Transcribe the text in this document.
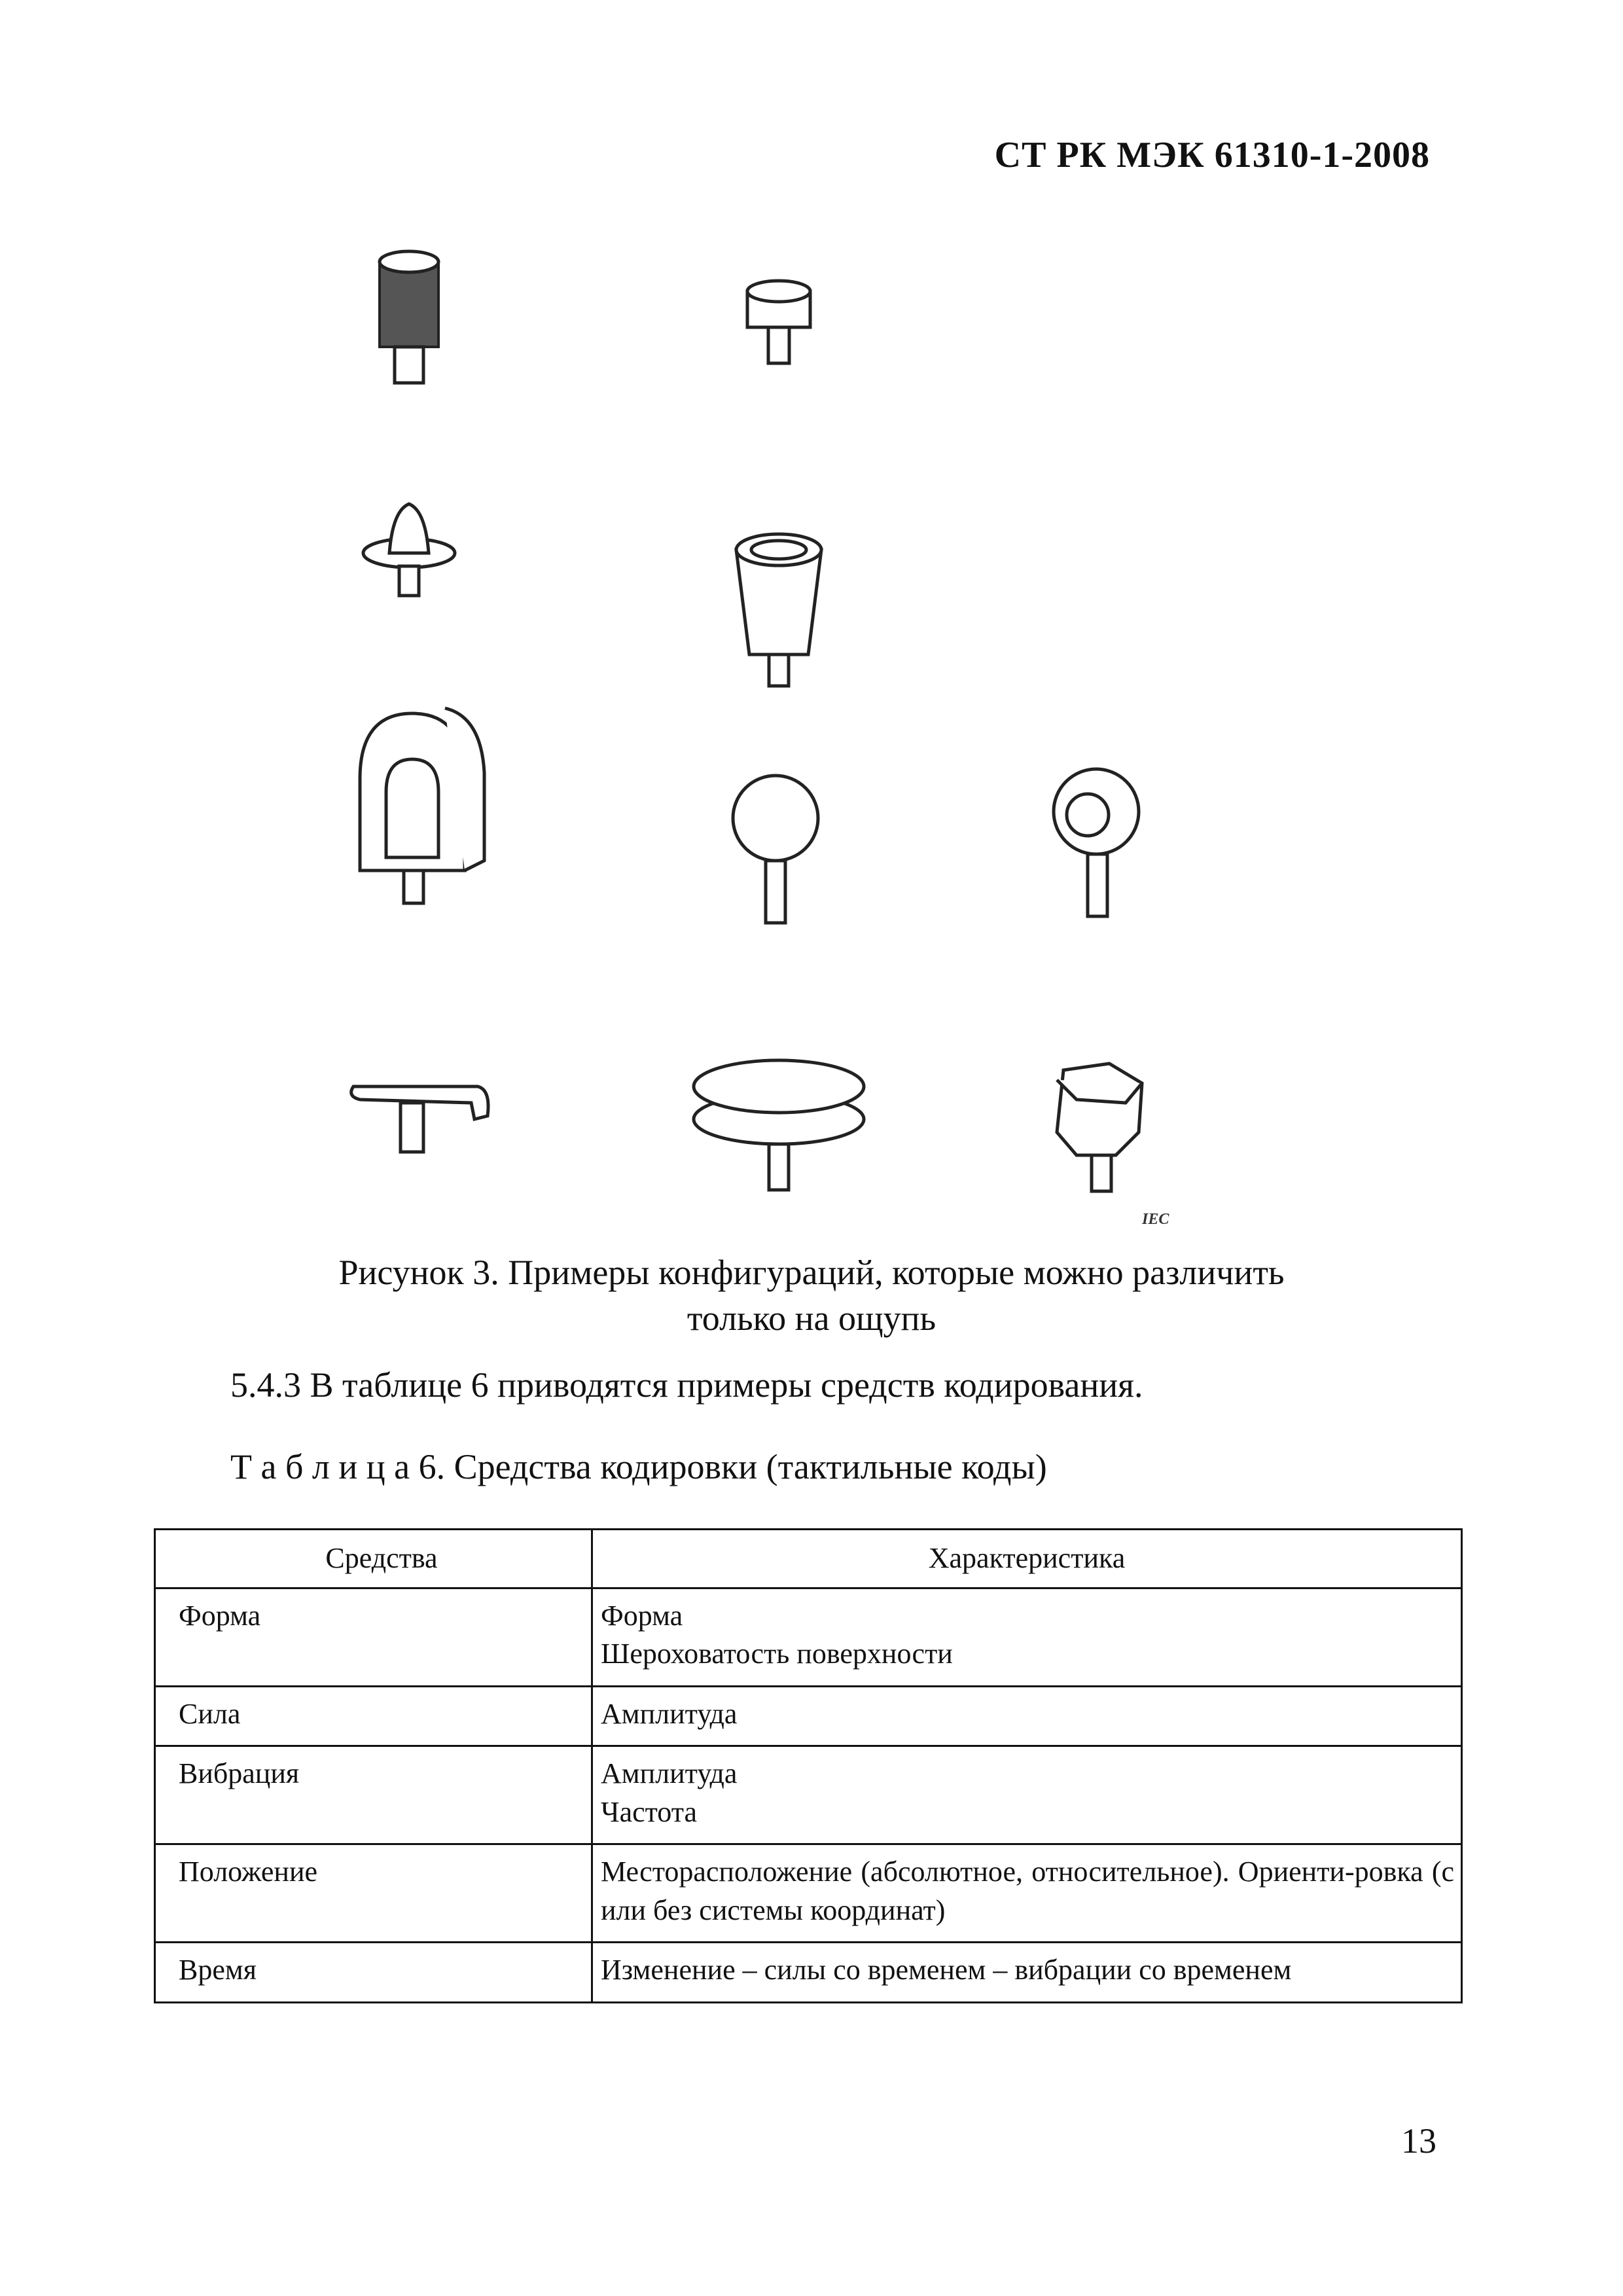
СТ РК МЭК 61310-1-2008
IEC
Рисунок 3. Примеры конфигураций, которые можно различить
только на ощупь
5.4.3 В таблице 6 приводятся примеры средств кодирования.
Т а б л и ц а 6. Средства кодировки (тактильные коды)
Средства	Характеристика
Форма	Форма
Шероховатость поверхности

Сила	Амплитуда

Вибрация	Амплитуда
Частота

Положение	Месторасположение (абсолютное, относительное). Ориенти-ровка (с или без системы координат)
Время	Изменение – силы со временем – вибрации со временем
13
